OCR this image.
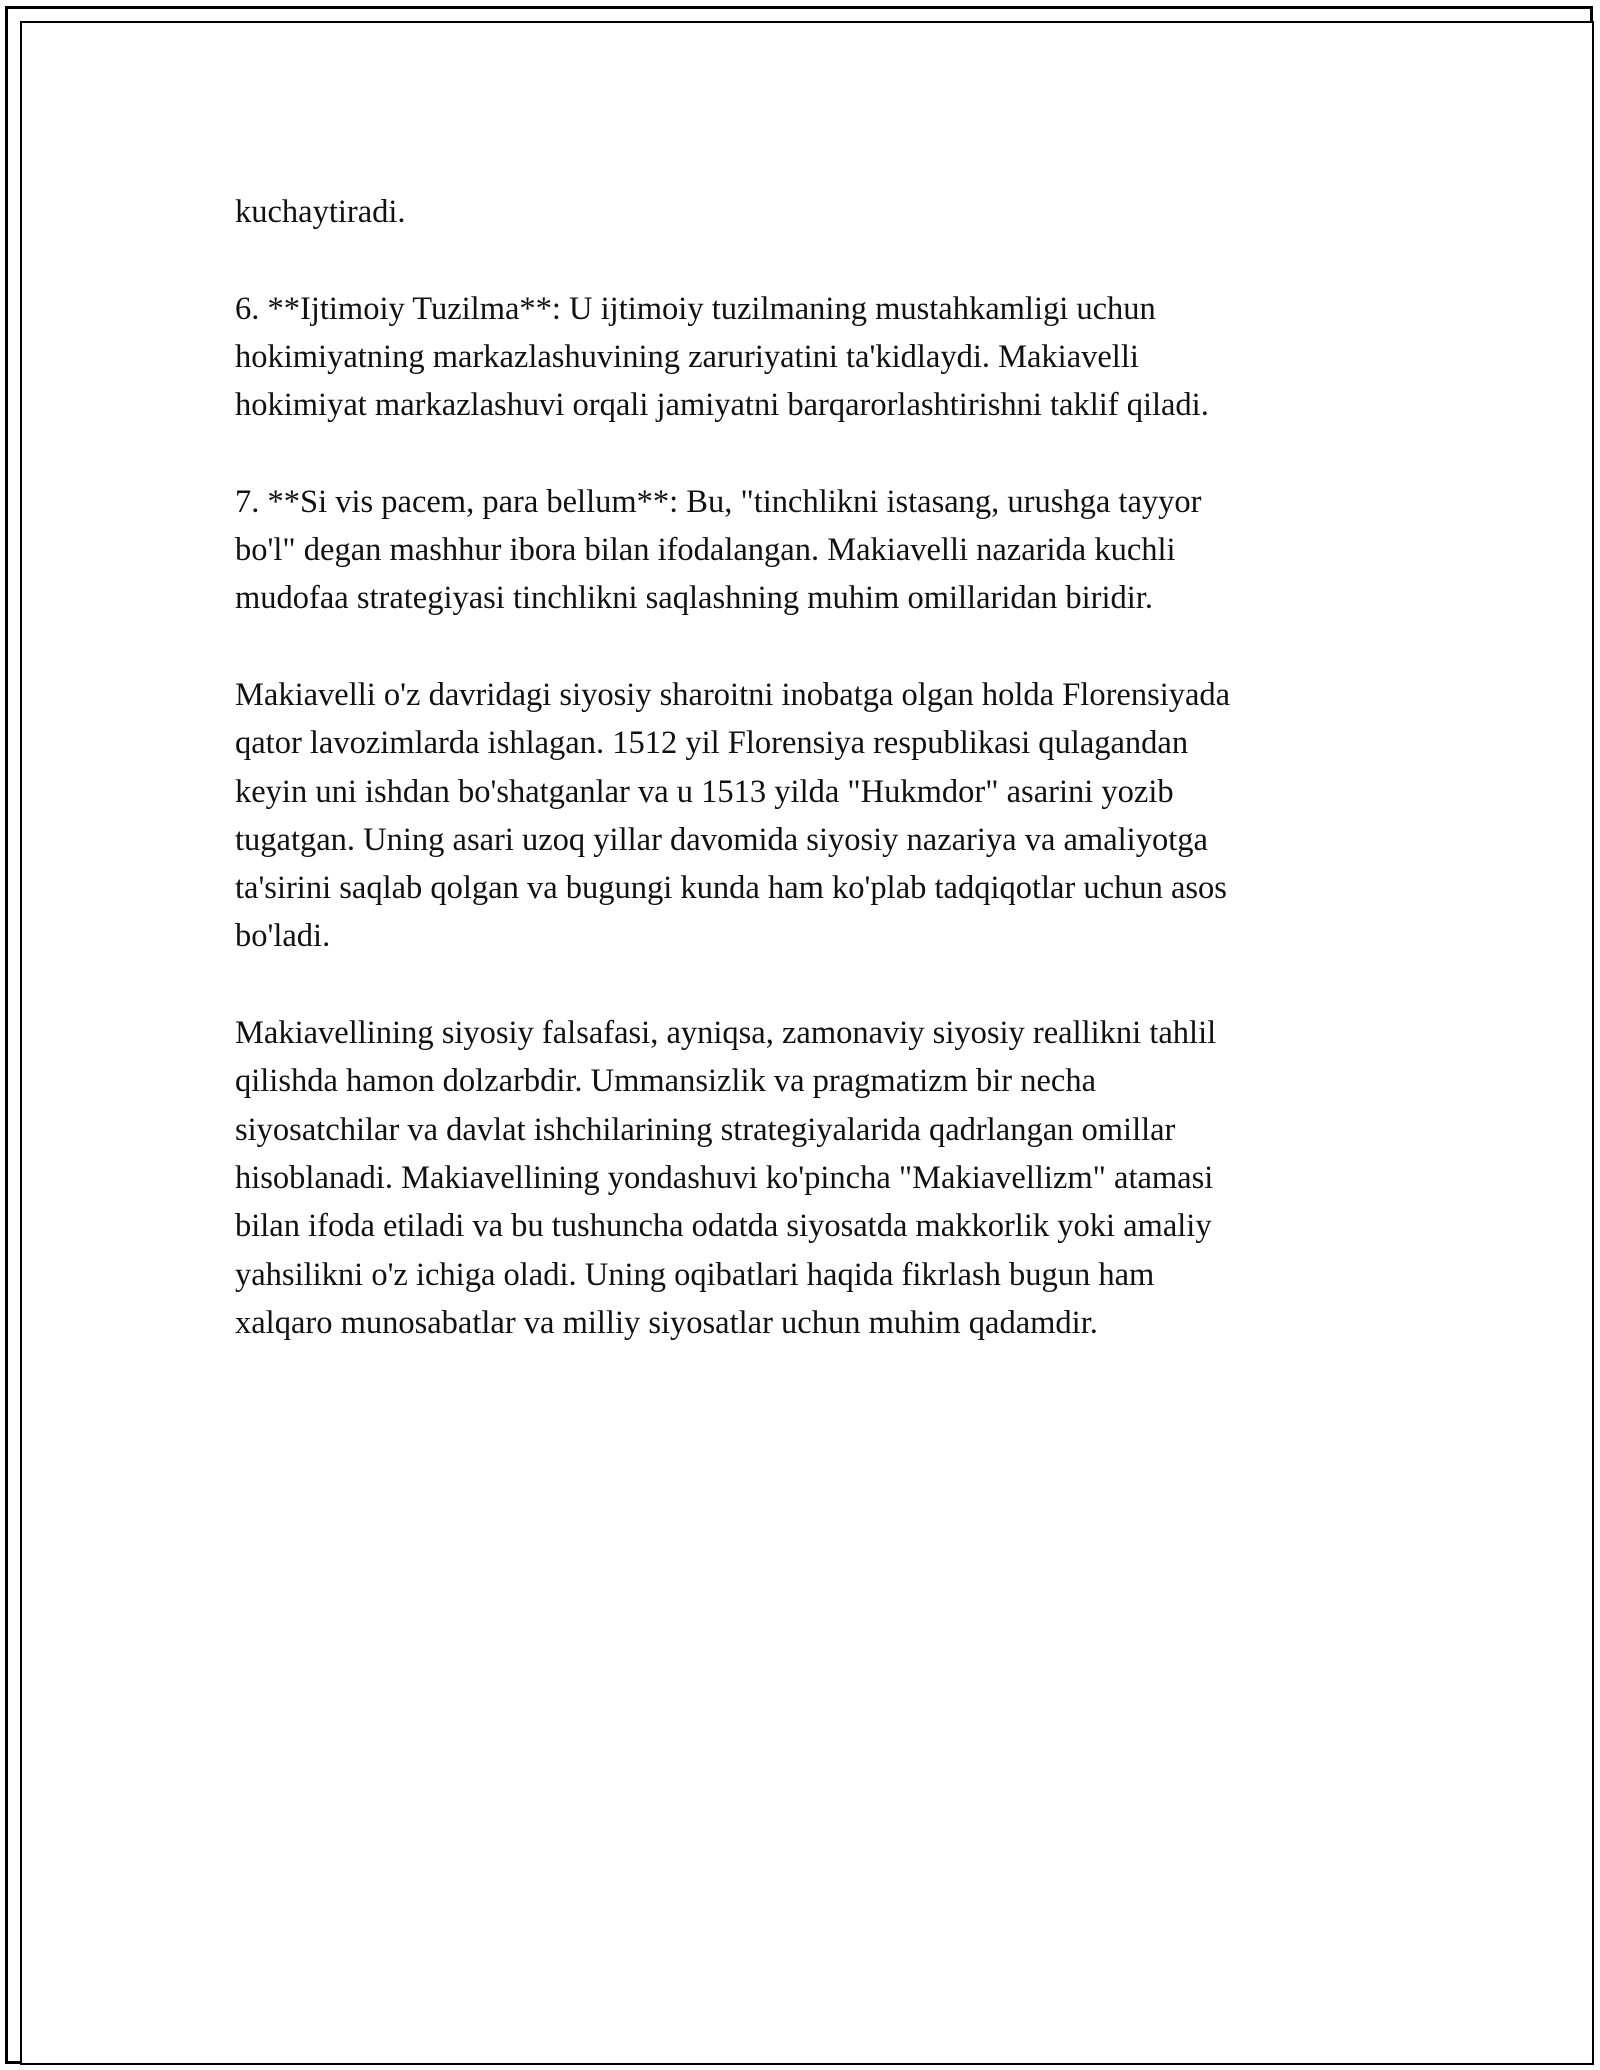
kuchaytiradi.

6. **Ijtimoiy Tuzilma**: U ijtimoiy tuzilmaning mustahkamligi uchun
hokimiyatning markazlashuvining zaruriyatini ta'kidlaydi. Makiavelli
hokimiyat markazlashuvi orqali jamiyatni barqarorlashtirishni taklif qiladi.

7. **Si vis pacem, para bellum**: Bu, "tinchlikni istasang, urushga tayyor
bo'l" degan mashhur ibora bilan ifodalangan. Makiavelli nazarida kuchli
mudofaa strategiyasi tinchlikni saqlashning muhim omillaridan biridir.

Makiavelli o'z davridagi siyosiy sharoitni inobatga olgan holda Florensiyada
qator lavozimlarda ishlagan. 1512 yil Florensiya respublikasi qulagandan
keyin uni ishdan bo'shatganlar va u 1513 yilda "Hukmdor" asarini yozib
tugatgan. Uning asari uzoq yillar davomida siyosiy nazariya va amaliyotga
ta'sirini saqlab qolgan va bugungi kunda ham ko'plab tadqiqotlar uchun asos
bo'ladi.

Makiavellining siyosiy falsafasi, ayniqsa, zamonaviy siyosiy reallikni tahlil
qilishda hamon dolzarbdir. Ummansizlik va pragmatizm bir necha
siyosatchilar va davlat ishchilarining strategiyalarida qadrlangan omillar
hisoblanadi. Makiavellining yondashuvi ko'pincha "Makiavellizm" atamasi
bilan ifoda etiladi va bu tushuncha odatda siyosatda makkorlik yoki amaliy
yahsilikni o'z ichiga oladi. Uning oqibatlari haqida fikrlash bugun ham
xalqaro munosabatlar va milliy siyosatlar uchun muhim qadamdir.
